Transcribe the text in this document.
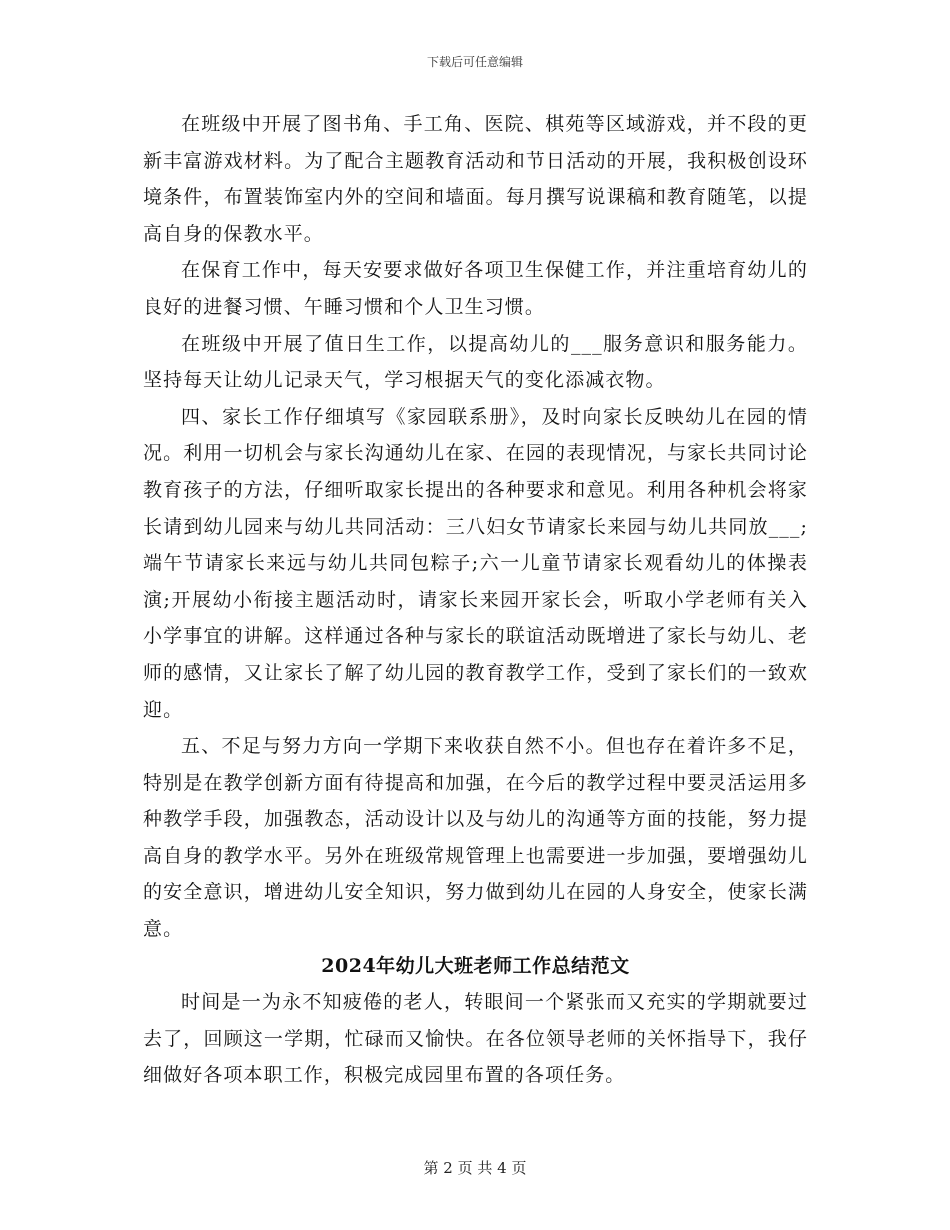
下载后可任意编辑

在班级中开展了图书角、手工角、医院、棋苑等区域游戏，并不段的更新丰富游戏材料。为了配合主题教育活动和节日活动的开展，我积极创设环境条件，布置装饰室内外的空间和墙面。每月撰写说课稿和教育随笔，以提高自身的保教水平。

在保育工作中，每天安要求做好各项卫生保健工作，并注重培育幼儿的良好的进餐习惯、午睡习惯和个人卫生习惯。

在班级中开展了值日生工作，以提高幼儿的___服务意识和服务能力。坚持每天让幼儿记录天气，学习根据天气的变化添减衣物。

四、家长工作仔细填写《家园联系册》，及时向家长反映幼儿在园的情况。利用一切机会与家长沟通幼儿在家、在园的表现情况，与家长共同讨论教育孩子的方法，仔细听取家长提出的各种要求和意见。利用各种机会将家长请到幼儿园来与幼儿共同活动：三八妇女节请家长来园与幼儿共同放___;端午节请家长来远与幼儿共同包粽子;六一儿童节请家长观看幼儿的体操表演;开展幼小衔接主题活动时，请家长来园开家长会，听取小学老师有关入小学事宜的讲解。这样通过各种与家长的联谊活动既增进了家长与幼儿、老师的感情，又让家长了解了幼儿园的教育教学工作，受到了家长们的一致欢迎。

五、不足与努力方向一学期下来收获自然不小。但也存在着许多不足，特别是在教学创新方面有待提高和加强，在今后的教学过程中要灵活运用多种教学手段，加强教态，活动设计以及与幼儿的沟通等方面的技能，努力提高自身的教学水平。另外在班级常规管理上也需要进一步加强，要增强幼儿的安全意识，增进幼儿安全知识，努力做到幼儿在园的人身安全，使家长满意。

2024年幼儿大班老师工作总结范文

时间是一为永不知疲倦的老人，转眼间一个紧张而又充实的学期就要过去了，回顾这一学期，忙碌而又愉快。在各位领导老师的关怀指导下，我仔细做好各项本职工作，积极完成园里布置的各项任务。

第 2 页 共 4 页
